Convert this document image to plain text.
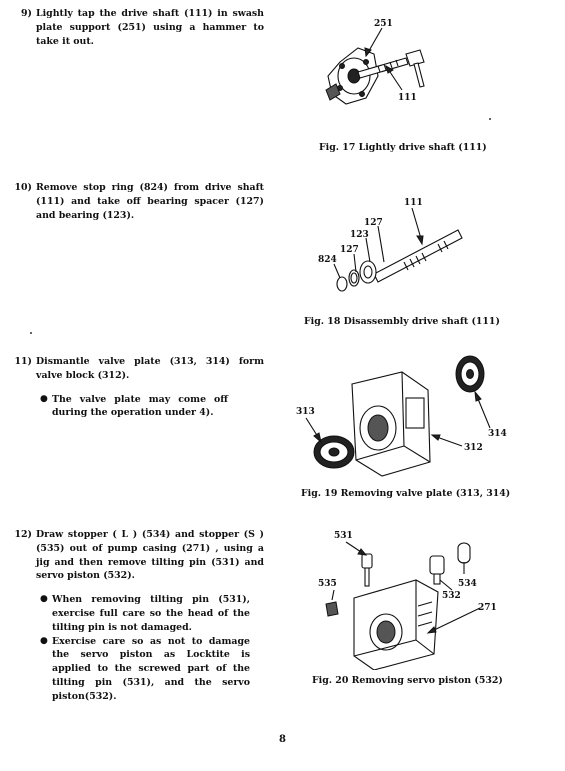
9) Lightly tap the drive shaft (111) in swash plate support (251) using a hammer to take it out.
10) Remove stop ring (824) from drive shaft (111) and take off bearing spacer (127) and bearing (123).
11) Dismantle valve plate (313, 314) form valve block (312).
● The valve plate may come off during the operation under 4).
12) Draw stopper ( L ) (534) and stopper (S ) (535) out of pump casing (271) , using a jig and then remove tilting pin (531) and servo piston (532).
● When removing tilting pin (531), exercise full care so the head of the tilting pin is not damaged.
● Exercise care so as not to damage the servo piston as Locktite is applied to the screwed part of the tilting pin (531), and the servo piston(532).
251
111
Fig. 17 Lightly drive shaft (111)
111
127
123
127
824
Fig. 18 Disassembly drive shaft (111)
313
314
312
Fig. 19 Removing valve plate (313, 314)
531
535
532
534
271
Fig. 20 Removing servo piston (532)
8
